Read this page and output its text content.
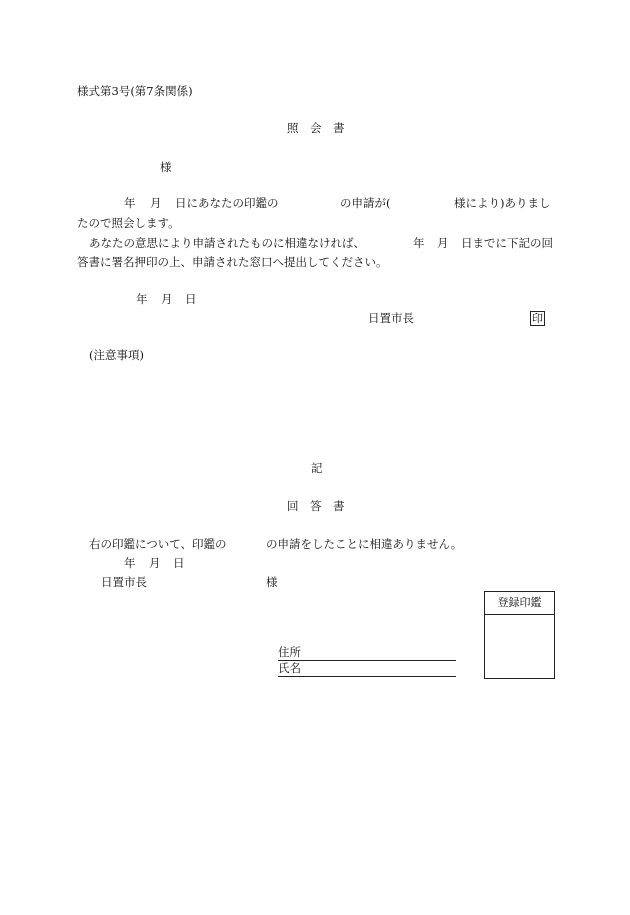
様式第3号(第7条関係)
照　会　書
様
年 月 日にあなたの印鑑の	の申請が(	様により)ありまし
たので照会します。
あなたの意思により申請されたものに相違なければ、	年 月 日までに下記の回
答書に署名押印の上、申請された窓口へ提出してください。
年 月 日
日置市長	印
(注意事項)
記
回　答　書
右の印鑑について、印鑑の	の申請をしたことに相違ありません。
年 月 日
日置市長	様
住所
氏名
登録印鑑
